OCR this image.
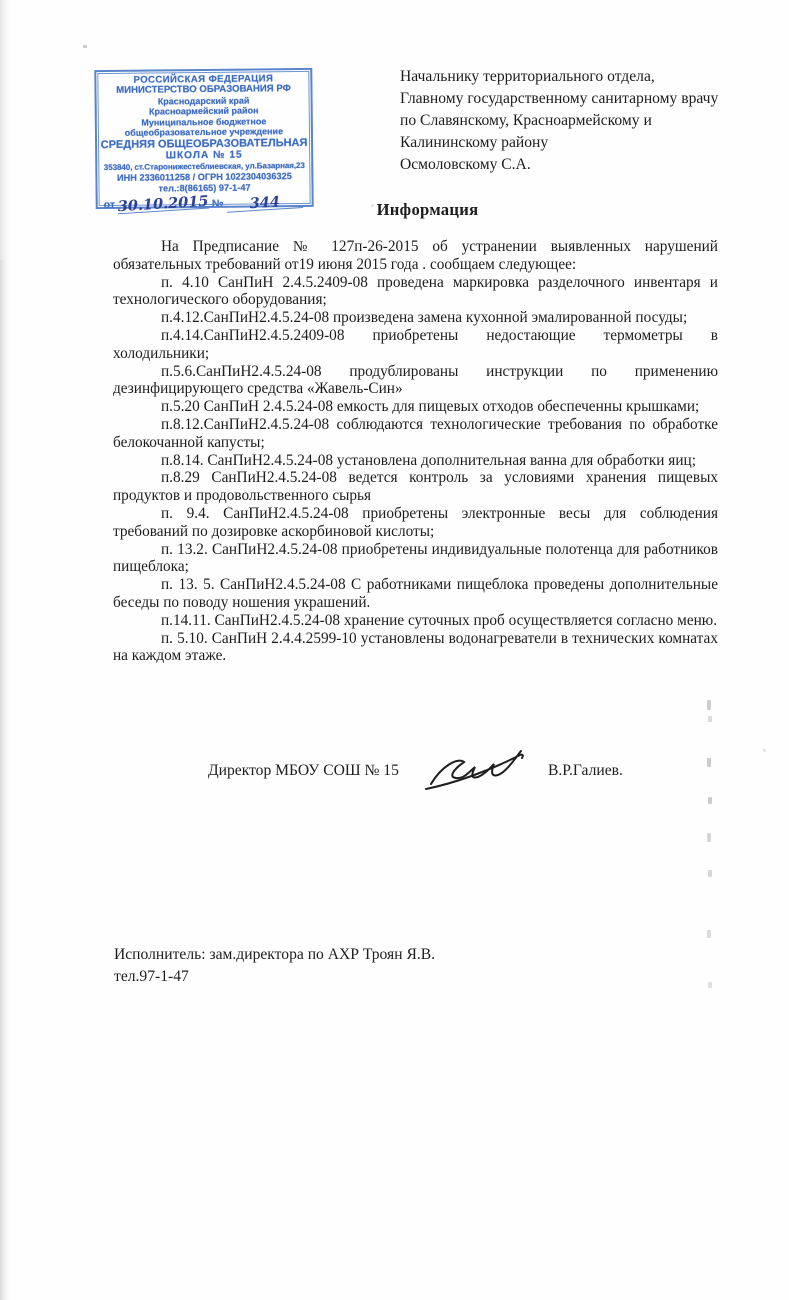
РОССИЙСКАЯ ФЕДЕРАЦИЯ
МИНИСТЕРСТВО ОБРАЗОВАНИЯ РФ
Краснодарский край
Красноармейский район
Муниципальное бюджетное
общеобразовательное учреждение
СРЕДНЯЯ ОБЩЕОБРАЗОВАТЕЛЬНАЯ
ШКОЛА № 15
353840, ст.Старонижестеблиевская, ул.Базарная,23
ИНН 2336011258 / ОГРН 1022304036325
тел.:8(86165) 97-1-47
от 30.10.2015 №	344
Начальнику территориального отдела,
Главному государственному санитарному врачу
по Славянскому, Красноармейскому и
Калининскому району
Осмоловскому С.А.
Информация

На Предписание № 127п-26-2015 об устранении выявленных нарушений обязательных требований от19 июня 2015 года . сообщаем следующее:

п. 4.10 СанПиН 2.4.5.2409-08 проведена маркировка разделочного инвентаря и технологического оборудования;

п.4.12.СанПиН2.4.5.24-08 произведена замена кухонной эмалированной посуды;

п.4.14.СанПиН2.4.5.2409-08 приобретены недостающие термометры в холодильники;

п.5.6.СанПиН2.4.5.24-08 продублированы инструкции по применению дезинфицирующего средства «Жавель-Син»

п.5.20 СанПиН 2.4.5.24-08 емкость для пищевых отходов обеспеченны крышками;

п.8.12.СанПиН2.4.5.24-08 соблюдаются технологические требования по обработке белокочанной капусты;

п.8.14. СанПиН2.4.5.24-08 установлена дополнительная ванна для обработки яиц;

п.8.29 СанПиН2.4.5.24-08 ведется контроль за условиями хранения пищевых продуктов и продовольственного сырья

п. 9.4. СанПиН2.4.5.24-08 приобретены электронные весы для соблюдения требований по дозировке аскорбиновой кислоты;

п. 13.2. СанПиН2.4.5.24-08 приобретены индивидуальные полотенца для работников пищеблока;

п. 13. 5. СанПиН2.4.5.24-08 С работниками пищеблока проведены дополнительные беседы по поводу ношения украшений.

п.14.11. СанПиН2.4.5.24-08 хранение суточных проб осуществляется согласно меню.

п. 5.10. СанПиН 2.4.4.2599-10 установлены водонагреватели в технических комнатах на каждом этаже.

Директор МБОУ СОШ № 15	В.Р.Галиев.
Исполнитель: зам.директора по АХР Троян Я.В.
тел.97-1-47
